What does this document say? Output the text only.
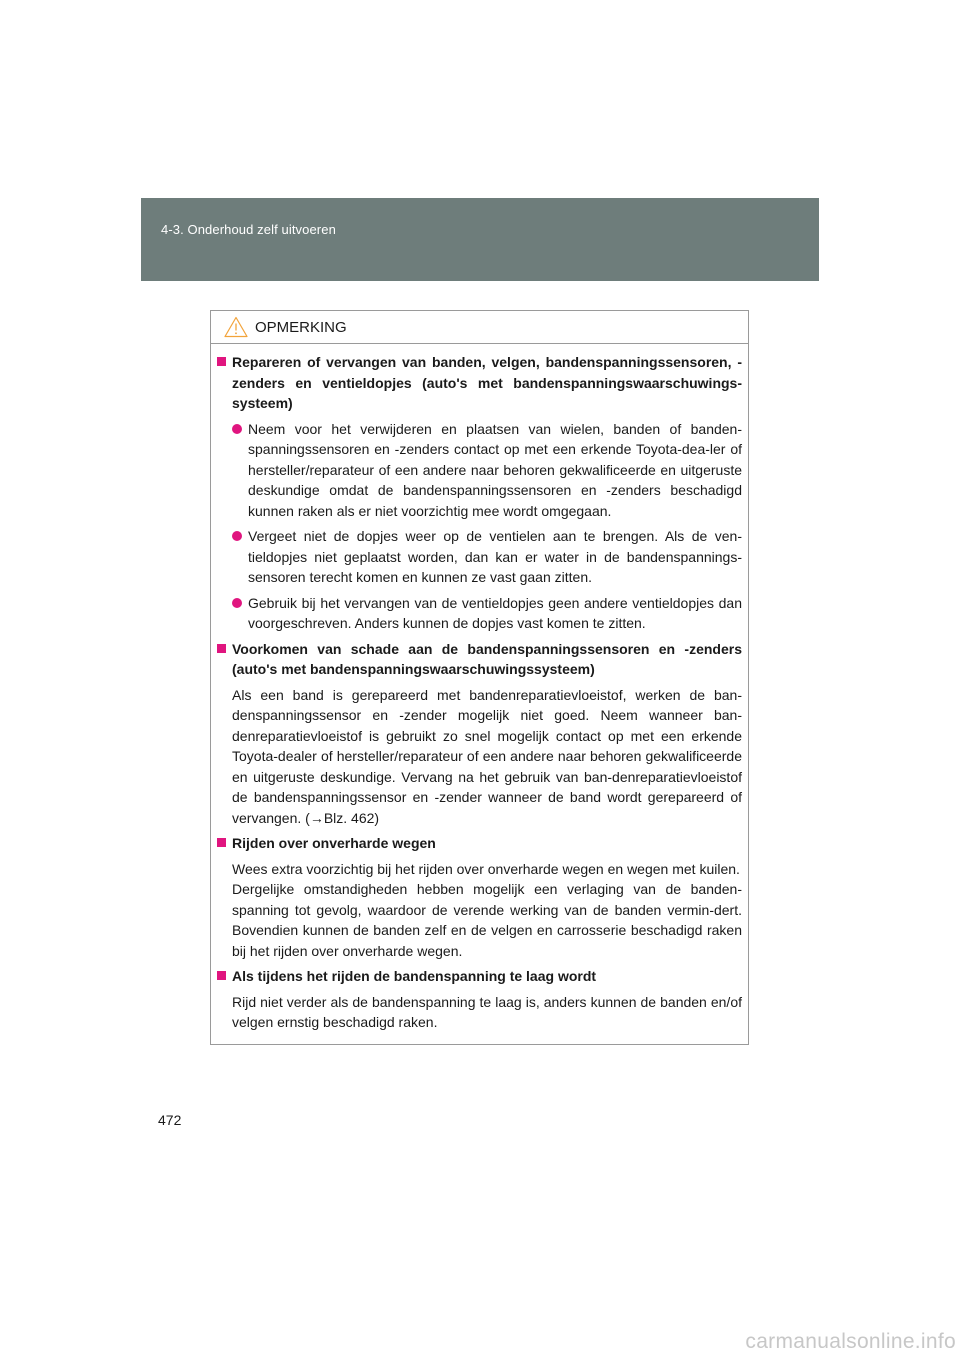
4-3. Onderhoud zelf uitvoeren
OPMERKING
Repareren of vervangen van banden, velgen, bandenspanningssensoren, -zenders en ventieldopjes (auto's met bandenspanningswaarschuwings-systeem)
Neem voor het verwijderen en plaatsen van wielen, banden of banden-spanningssensoren en -zenders contact op met een erkende Toyota-dea-ler of hersteller/reparateur of een andere naar behoren gekwalificeerde en uitgeruste deskundige omdat de bandenspanningssensoren en -zenders beschadigd kunnen raken als er niet voorzichtig mee wordt omgegaan.
Vergeet niet de dopjes weer op de ventielen aan te brengen. Als de ven-tieldopjes niet geplaatst worden, dan kan er water in de bandenspannings-sensoren terecht komen en kunnen ze vast gaan zitten.
Gebruik bij het vervangen van de ventieldopjes geen andere ventieldopjes dan voorgeschreven. Anders kunnen de dopjes vast komen te zitten.
Voorkomen van schade aan de bandenspanningssensoren en -zenders (auto's met bandenspanningswaarschuwingssysteem)
Als een band is gerepareerd met bandenreparatievloeistof, werken de ban-denspanningssensor en -zender mogelijk niet goed. Neem wanneer ban-denreparatievloeistof is gebruikt zo snel mogelijk contact op met een erkende Toyota-dealer of hersteller/reparateur of een andere naar behoren gekwalificeerde en uitgeruste deskundige. Vervang na het gebruik van ban-denreparatievloeistof de bandenspanningssensor en -zender wanneer de band wordt gerepareerd of vervangen. (→Blz. 462)
Rijden over onverharde wegen
Wees extra voorzichtig bij het rijden over onverharde wegen en wegen met kuilen.
Dergelijke omstandigheden hebben mogelijk een verlaging van de banden-spanning tot gevolg, waardoor de verende werking van de banden vermin-dert. Bovendien kunnen de banden zelf en de velgen en carrosserie beschadigd raken bij het rijden over onverharde wegen.
Als tijdens het rijden de bandenspanning te laag wordt
Rijd niet verder als de bandenspanning te laag is, anders kunnen de banden en/of velgen ernstig beschadigd raken.
472
carmanualsonline.info
